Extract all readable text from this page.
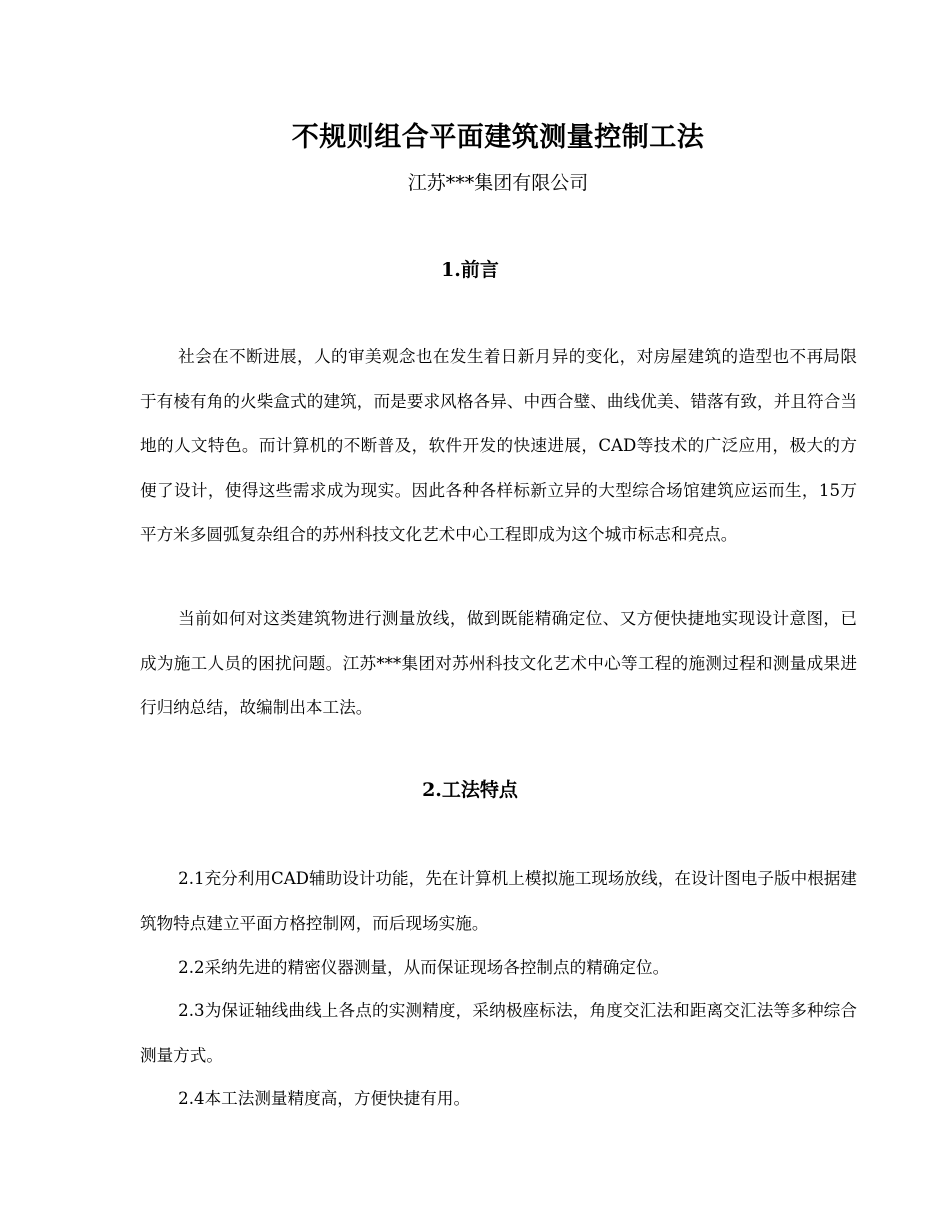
不规则组合平面建筑测量控制工法
江苏***集团有限公司
1.前言

社会在不断进展，人的审美观念也在发生着日新月异的变化，对房屋建筑的造型也不再局限于有棱有角的火柴盒式的建筑，而是要求风格各异、中西合璧、曲线优美、错落有致，并且符合当地的人文特色。而计算机的不断普及，软件开发的快速进展，CAD等技术的广泛应用，极大的方便了设计，使得这些需求成为现实。因此各种各样标新立异的大型综合场馆建筑应运而生，15万平方米多圆弧复杂组合的苏州科技文化艺术中心工程即成为这个城市标志和亮点。

当前如何对这类建筑物进行测量放线，做到既能精确定位、又方便快捷地实现设计意图，已成为施工人员的困扰问题。江苏***集团对苏州科技文化艺术中心等工程的施测过程和测量成果进行归纳总结，故编制出本工法。

2.工法特点

2.1充分利用CAD辅助设计功能，先在计算机上模拟施工现场放线，在设计图电子版中根据建筑物特点建立平面方格控制网，而后现场实施。

2.2采纳先进的精密仪器测量，从而保证现场各控制点的精确定位。

2.3为保证轴线曲线上各点的实测精度，采纳极座标法，角度交汇法和距离交汇法等多种综合测量方式。

2.4本工法测量精度高，方便快捷有用。
